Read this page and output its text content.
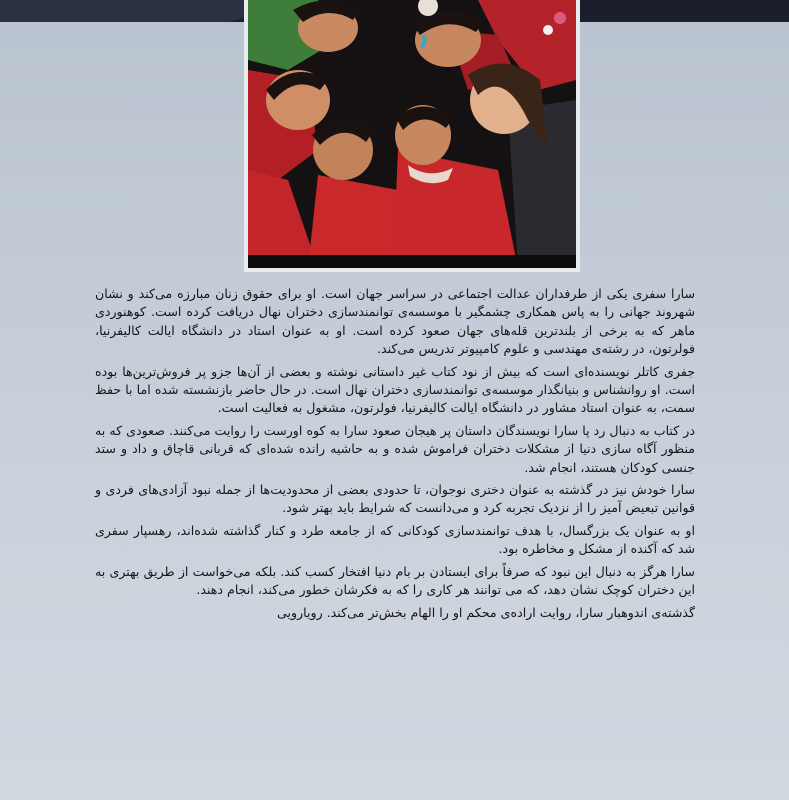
سارا سفری یکی از طرفداران عدالت اجتماعی در سراسر جهان است. او برای حقوق زنان مبارزه می‌کند و نشان شهروند جهانی را به پاس همکاری چشمگیر با موسسه‌ی توانمندسازی دختران نهال دریافت کرده است. کوهنوردی ماهر که به برخی از بلندترین قله‌های جهان صعود کرده است. او به عنوان استاد در دانشگاه ایالت کالیفرنیا، فولرتون، در رشته‌ی مهندسی و علوم کامپیوتر تدریس می‌کند.

جفری کاتلر نویسنده‌ای است که بیش از نود کتاب غیر داستانی نوشته و بعضی از آن‌ها جزو پر فروش‌ترین‌ها بوده است. او روانشناس و بنیانگذار موسسه‌ی توانمندسازی دختران نهال است. در حال حاضر بازنشسته شده اما با حفظ سمت، به عنوان استاد مشاور در دانشگاه ایالت کالیفرنیا، فولرتون، مشغول به فعالیت است.

در کتاب به دنبال رد پا سارا نویسندگان داستان پر هیجان صعود سارا به کوه اورست را روایت می‌کنند. صعودی که به منظور آگاه سازی دنیا از مشکلات دختران فراموش شده و به حاشیه رانده شده‌ای که قربانی قاچاق و داد و ستد جنسی کودکان هستند، انجام شد.

سارا خودش نیز در گذشته به عنوان دختری نوجوان، تا حدودی بعضی از محدودیت‌ها از جمله نبود آزادی‌های فردی و قوانین تبعیض آمیز را از نزدیک تجربه کرد و می‌دانست که شرایط باید بهتر شود.

او به عنوان یک بزرگسال، با هدف توانمندسازی کودکانی که از جامعه طرد و کنار گذاشته شده‌اند، رهسپار سفری شد که آکنده از مشکل و مخاطره بود.

سارا هرگز به دنبال این نبود که صرفاً برای ایستادن بر بام دنیا افتخار کسب کند. بلکه می‌خواست از طریق بهتری به این دختران کوچک نشان دهد، که می توانند هر کاری را که به فکرشان خطور می‌کند، انجام دهند.

گذشته‌ی اندوهبار سارا، روایت اراده‌ی محکم او را الهام بخش‌تر می‌کند. رویارویی
